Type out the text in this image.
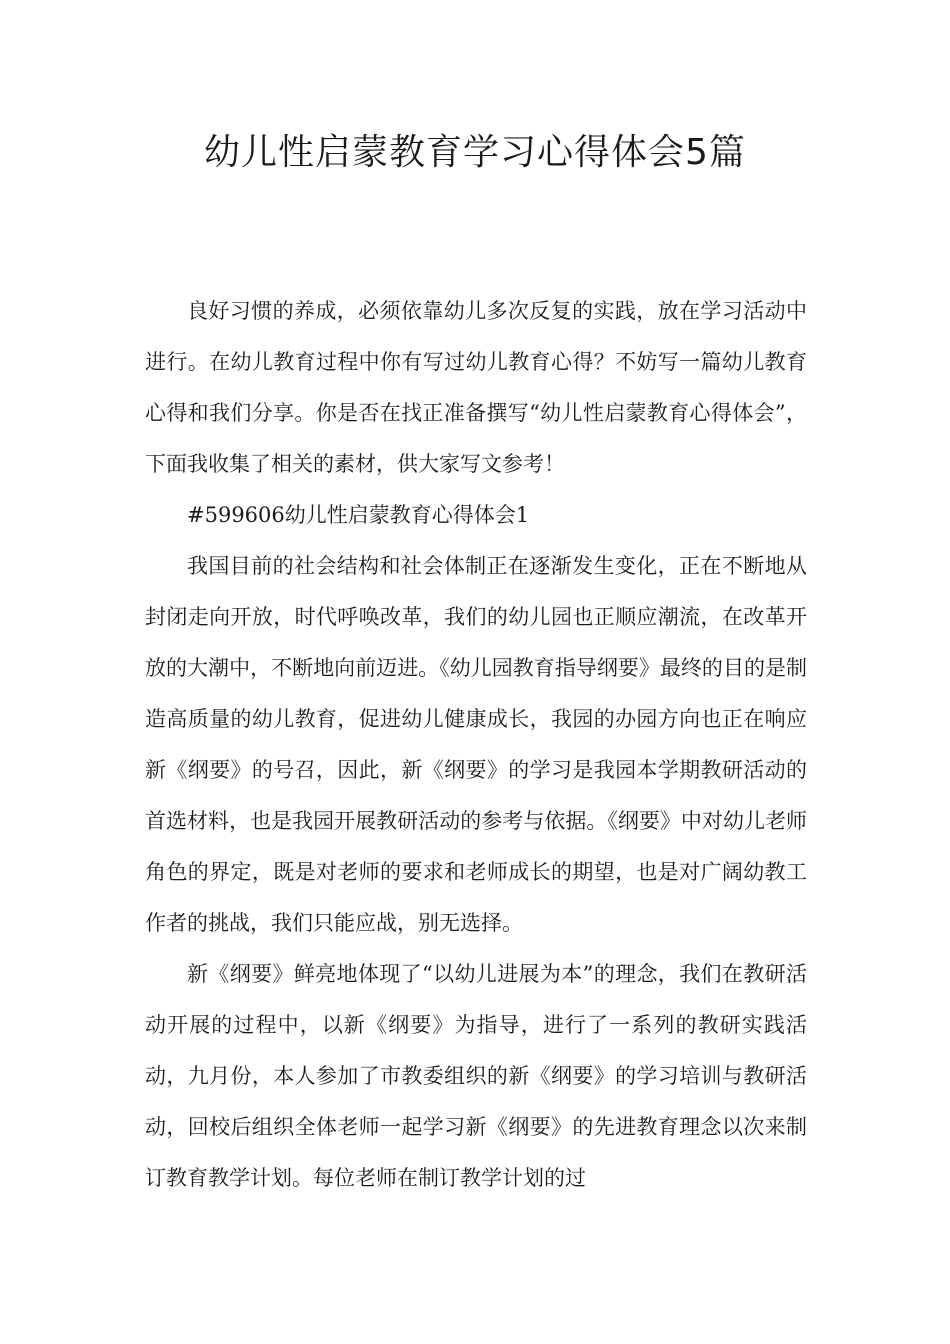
幼儿性启蒙教育学习心得体会5篇

良好习惯的养成，必须依靠幼儿多次反复的实践，放在学习活动中进行。在幼儿教育过程中你有写过幼儿教育心得？不妨写一篇幼儿教育心得和我们分享。你是否在找正准备撰写“幼儿性启蒙教育心得体会”，下面我收集了相关的素材，供大家写文参考！

#599606幼儿性启蒙教育心得体会1

我国目前的社会结构和社会体制正在逐渐发生变化，正在不断地从封闭走向开放，时代呼唤改革，我们的幼儿园也正顺应潮流，在改革开放的大潮中，不断地向前迈进。《幼儿园教育指导纲要》最终的目的是制造高质量的幼儿教育，促进幼儿健康成长，我园的办园方向也正在响应新《纲要》的号召，因此，新《纲要》的学习是我园本学期教研活动的首选材料，也是我园开展教研活动的参考与依据。《纲要》中对幼儿老师角色的界定，既是对老师的要求和老师成长的期望，也是对广阔幼教工作者的挑战，我们只能应战，别无选择。

新《纲要》鲜亮地体现了“以幼儿进展为本”的理念，我们在教研活动开展的过程中，以新《纲要》为指导，进行了一系列的教研实践活动，九月份，本人参加了市教委组织的新《纲要》的学习培训与教研活动，回校后组织全体老师一起学习新《纲要》的先进教育理念以次来制订教育教学计划。每位老师在制订教学计划的过
